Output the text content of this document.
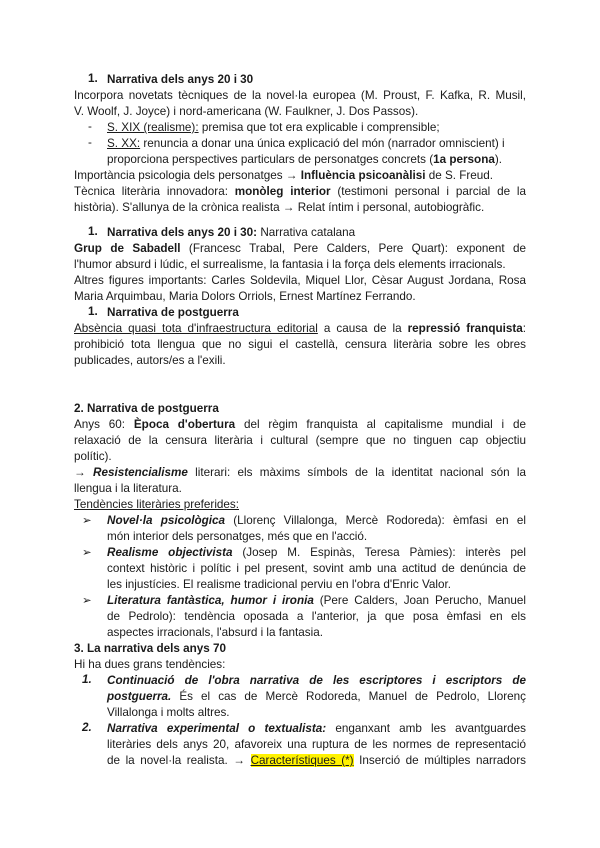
1. Narrativa dels anys 20 i 30
Incorpora novetats tècniques de la novel·la europea (M. Proust, F. Kafka, R. Musil,
V. Woolf, J. Joyce) i nord-americana (W. Faulkner, J. Dos Passos).
- S. XIX (realisme): premisa que tot era explicable i comprensible;
- S. XX: renuncia a donar una única explicació del món (narrador omniscient) i
proporciona perspectives particulars de personatges concrets (1a persona).
Importància psicologia dels personatges → Influència psicoanàlisi de S. Freud.
Tècnica literària innovadora: monòleg interior (testimoni personal i parcial de la
història). S'allunya de la crònica realista → Relat íntim i personal, autobiogràfic.
1. Narrativa dels anys 20 i 30: Narrativa catalana
Grup de Sabadell (Francesc Trabal, Pere Calders, Pere Quart): exponent de
l'humor absurd i lúdic, el surrealisme, la fantasia i la força dels elements irracionals.
Altres figures importants: Carles Soldevila, Miquel Llor, Cèsar August Jordana, Rosa
Maria Arquimbau, Maria Dolors Orriols, Ernest Martínez Ferrando.
1. Narrativa de postguerra
Absència quasi tota d'infraestructura editorial a causa de la repressió franquista:
prohibició tota llengua que no sigui el castellà, censura literària sobre les obres
publicades, autors/es a l'exili.
2. Narrativa de postguerra
Anys 60: Època d'obertura del règim franquista al capitalisme mundial i de
relaxació de la censura literària i cultural (sempre que no tinguen cap objectiu
polític).
→ Resistencialisme literari: els màxims símbols de la identitat nacional són la
llengua i la literatura.
Tendències literàries preferides:
➢ Novel·la psicològica (Llorenç Villalonga, Mercè Rodoreda): èmfasi en el
món interior dels personatges, més que en l'acció.
➢ Realisme objectivista (Josep M. Espinàs, Teresa Pàmies): interès pel
context històric i polític i pel present, sovint amb una actitud de denúncia de
les injustícies. El realisme tradicional perviu en l'obra d'Enric Valor.
➢ Literatura fantàstica, humor i ironia (Pere Calders, Joan Perucho, Manuel
de Pedrolo): tendència oposada a l'anterior, ja que posa èmfasi en els
aspectes irracionals, l'absurd i la fantasia.
3. La narrativa dels anys 70
Hi ha dues grans tendències:
1. Continuació de l'obra narrativa de les escriptores i escriptors de
postguerra. És el cas de Mercè Rodoreda, Manuel de Pedrolo, Llorenç
Villalonga i molts altres.
2. Narrativa experimental o textualista: enganxant amb les avantguardes
literàries dels anys 20, afavoreix una ruptura de les normes de representació
de la novel·la realista. → Característiques (*) Inserció de múltiples narradors
